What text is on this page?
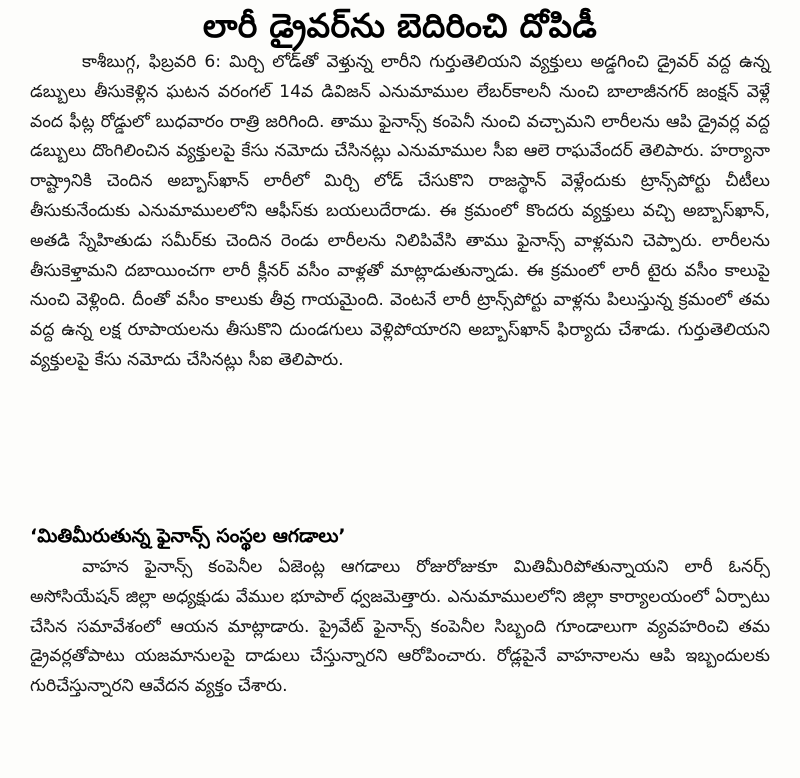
లారీ డ్రైవర్‌ను బెదిరించి దోపిడీ

కాశీబుగ్గ, ఫిబ్రవరి 6: మిర్చి లోడ్‌తో వెళ్తున్న లారీని గుర్తుతెలియని వ్యక్తులు అడ్డగించి డ్రైవర్ వద్ద ఉన్న డబ్బులు తీసుకెళ్లిన ఘటన వరంగల్ 14వ డివిజన్ ఎనుమాముల లేబర్‌కాలనీ నుంచి బాలాజీనగర్ జంక్షన్ వెళ్లే వంద ఫీట్ల రోడ్డులో బుధవారం రాత్రి జరిగింది. తాము ఫైనాన్స్ కంపెనీ నుంచి వచ్చామని లారీలను ఆపి డ్రైవర్ల వద్ద డబ్బులు దొంగిలించిన వ్యక్తులపై కేసు నమోదు చేసినట్లు ఎనుమాముల సీఐ ఆలె రాఘవేందర్ తెలిపారు. హర్యానా రాష్ట్రానికి చెందిన అబ్బాస్‌ఖాన్ లారీలో మిర్చి లోడ్ చేసుకొని రాజస్థాన్ వెళ్లేందుకు ట్రాన్స్‌పోర్టు చీటీలు తీసుకునేందుకు ఎనుమాములలోని ఆఫీస్‌కు బయలుదేరాడు. ఈ క్రమంలో కొందరు వ్యక్తులు వచ్చి అబ్బాస్‌ఖాన్, అతడి స్నేహితుడు సమీర్‌కు చెందిన రెండు లారీలను నిలిపివేసి తాము ఫైనాన్స్ వాళ్లమని చెప్పారు. లారీలను తీసుకెళ్తామని దబాయించగా లారీ క్లీనర్ వసీం వాళ్లతో మాట్లాడుతున్నాడు. ఈ క్రమంలో లారీ టైరు వసీం కాలుపై నుంచి వెళ్లింది. దీంతో వసీం కాలుకు తీవ్ర గాయమైంది. వెంటనే లారీ ట్రాన్స్‌పోర్టు వాళ్లను పిలుస్తున్న క్రమంలో తమ వద్ద ఉన్న లక్ష రూపాయలను తీసుకొని దుండగులు వెళ్లిపోయారని అబ్బాస్‌ఖాన్ ఫిర్యాదు చేశాడు. గుర్తుతెలియని వ్యక్తులపై కేసు నమోదు చేసినట్లు సీఐ తెలిపారు.

‘మితిమీరుతున్న ఫైనాన్స్ సంస్థల ఆగడాలు’

వాహన ఫైనాన్స్ కంపెనీల ఏజెంట్ల ఆగడాలు రోజురోజుకూ మితిమీరిపోతున్నాయని లారీ ఓనర్స్ అసోసియేషన్ జిల్లా అధ్యక్షుడు వేముల భూపాల్ ధ్వజమెత్తారు. ఎనుమాములలోని జిల్లా కార్యాలయంలో ఏర్పాటు చేసిన సమావేశంలో ఆయన మాట్లాడారు. ప్రైవేట్ ఫైనాన్స్ కంపెనీల సిబ్బంది గూండాలుగా వ్యవహరించి తమ డ్రైవర్లతోపాటు యజమానులపై దాడులు చేస్తున్నారని ఆరోపించారు. రోడ్లపైనే వాహనాలను ఆపి ఇబ్బందులకు గురిచేస్తున్నారని ఆవేదన వ్యక్తం చేశారు.
